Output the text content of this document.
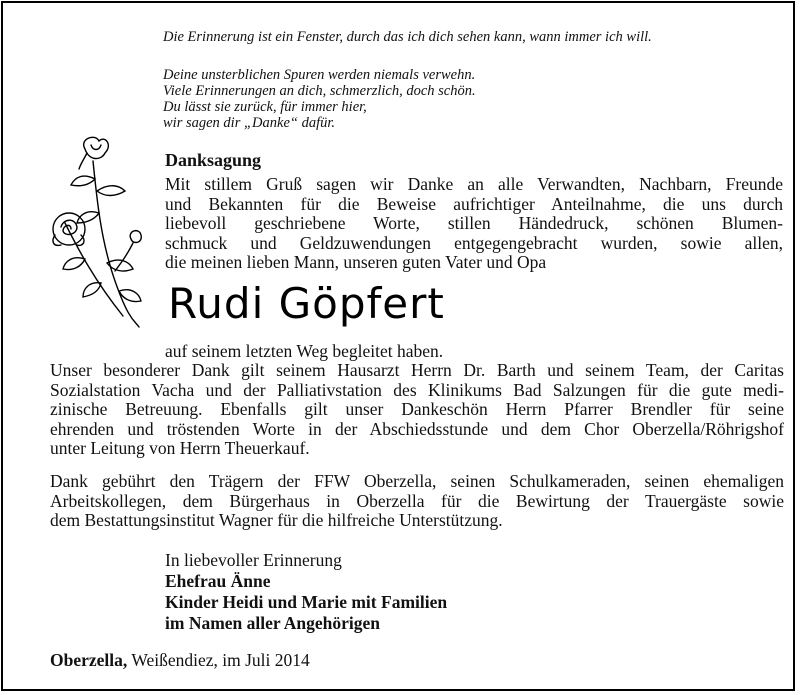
Die Erinnerung ist ein Fenster, durch das ich dich sehen kann, wann immer ich will.
Deine unsterblichen Spuren werden niemals verwehn.
Viele Erinnerungen an dich, schmerzlich, doch schön.
Du lässt sie zurück, für immer hier,
wir sagen dir „Danke“ dafür.
Danksagung
Mit stillem Gruß sagen wir Danke an alle Verwandten, Nachbarn, Freunde
und Bekannten für die Beweise aufrichtiger Anteilnahme, die uns durch
liebevoll geschriebene Worte, stillen Händedruck, schönen Blumen-
schmuck und Geldzuwendungen entgegengebracht wurden, sowie allen,
die meinen lieben Mann, unseren guten Vater und Opa
Rudi Göpfert
auf seinem letzten Weg begleitet haben.
Unser besonderer Dank gilt seinem Hausarzt Herrn Dr. Barth und seinem Team, der Caritas
Sozialstation Vacha und der Palliativstation des Klinikums Bad Salzungen für die gute medi-
zinische Betreuung. Ebenfalls gilt unser Dankeschön Herrn Pfarrer Brendler für seine
ehrenden und tröstenden Worte in der Abschiedsstunde und dem Chor Oberzella/Röhrigshof
unter Leitung von Herrn Theuerkauf.
Dank gebührt den Trägern der FFW Oberzella, seinen Schulkameraden, seinen ehemaligen
Arbeitskollegen, dem Bürgerhaus in Oberzella für die Bewirtung der Trauergäste sowie
dem Bestattungsinstitut Wagner für die hilfreiche Unterstützung.
In liebevoller Erinnerung
Ehefrau Änne
Kinder Heidi und Marie mit Familien
im Namen aller Angehörigen
Oberzella, Weißendiez, im Juli 2014
